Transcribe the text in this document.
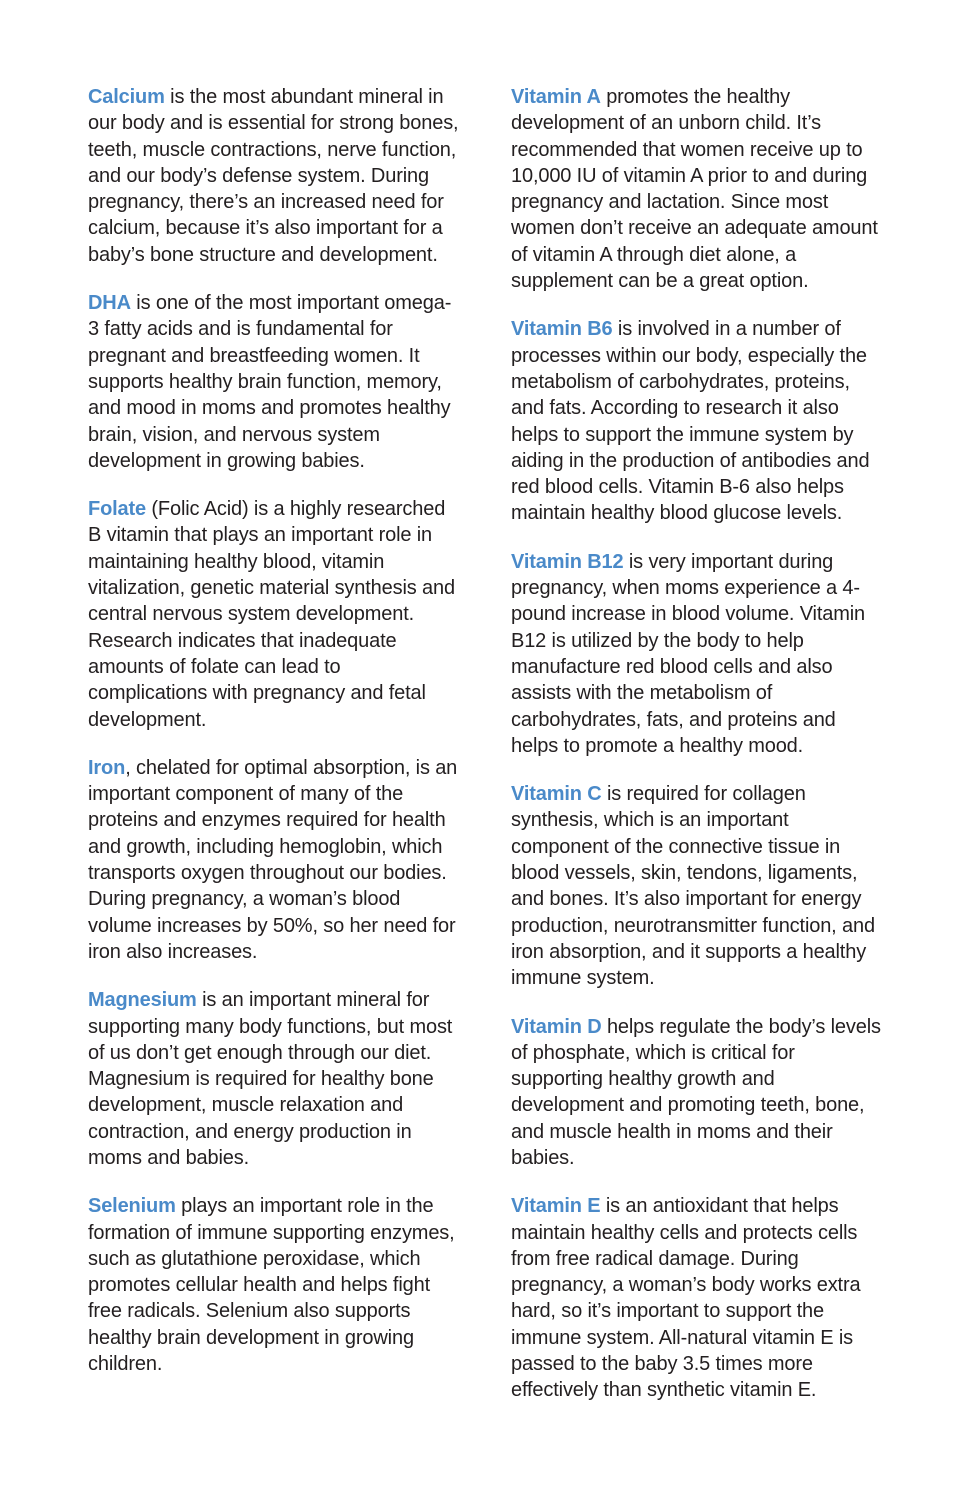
Calcium is the most abundant mineral in our body and is essential for strong bones, teeth, muscle contractions, nerve function, and our body’s defense system. During pregnancy, there’s an increased need for calcium, because it’s also important for a baby’s bone structure and development.

DHA is one of the most important omega-3 fatty acids and is fundamental for pregnant and breastfeeding women. It supports healthy brain function, memory, and mood in moms and promotes healthy brain, vision, and nervous system development in growing babies.

Folate (Folic Acid) is a highly researched B vitamin that plays an important role in maintaining healthy blood, vitamin vitalization, genetic material synthesis and central nervous system development. Research indicates that inadequate amounts of folate can lead to complications with pregnancy and fetal development.

Iron, chelated for optimal absorption, is an important component of many of the proteins and enzymes required for health and growth, including hemoglobin, which transports oxygen throughout our bodies. During pregnancy, a woman’s blood volume increases by 50%, so her need for iron also increases.

Magnesium is an important mineral for supporting many body functions, but most of us don’t get enough through our diet. Magnesium is required for healthy bone development, muscle relaxation and contraction, and energy production in moms and babies.

Selenium plays an important role in the formation of immune supporting enzymes, such as glutathione peroxidase, which promotes cellular health and helps fight free radicals. Selenium also supports healthy brain development in growing children.

Vitamin A promotes the healthy development of an unborn child. It’s recommended that women receive up to 10,000 IU of vitamin A prior to and during pregnancy and lactation. Since most women don’t receive an adequate amount of vitamin A through diet alone, a supplement can be a great option.

Vitamin B6 is involved in a number of processes within our body, especially the metabolism of carbohydrates, proteins, and fats. According to research it also helps to support the immune system by aiding in the production of antibodies and red blood cells. Vitamin B-6 also helps maintain healthy blood glucose levels.

Vitamin B12 is very important during pregnancy, when moms experience a 4-pound increase in blood volume. Vitamin B12 is utilized by the body to help manufacture red blood cells and also assists with the metabolism of carbohydrates, fats, and proteins and helps to promote a healthy mood.

Vitamin C is required for collagen synthesis, which is an important component of the connective tissue in blood vessels, skin, tendons, ligaments, and bones. It’s also important for energy production, neurotransmitter function, and iron absorption, and it supports a healthy immune system.

Vitamin D helps regulate the body’s levels of phosphate, which is critical for supporting healthy growth and development and promoting teeth, bone, and muscle health in moms and their babies.

Vitamin E is an antioxidant that helps maintain healthy cells and protects cells from free radical damage. During pregnancy, a woman’s body works extra hard, so it’s important to support the immune system. All-natural vitamin E is passed to the baby 3.5 times more effectively than synthetic vitamin E.
